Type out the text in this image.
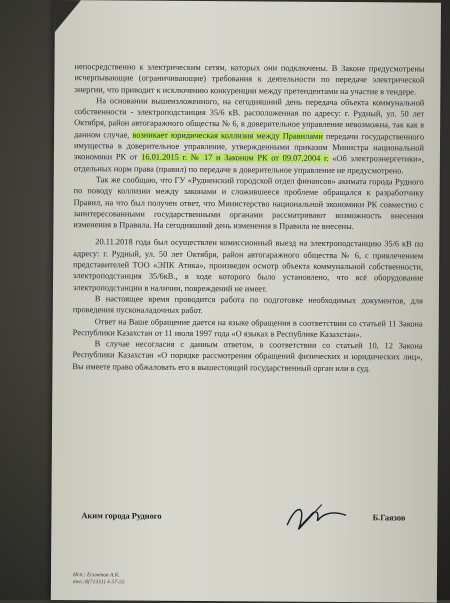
непосредственно к электрическим сетям, которых они подключены. В Законе предусмотрены исчерпывающие (ограничивающие) требования к деятельности по передаче электрической энергии, что приводит к исключению конкуренции между претендентами на участие в тендере.

На основании вышеизложенного, на сегодняшний день передача объекта коммунальной собственности - электроподстанция 35/6 кВ. расположенная по адресу: г. Рудный, ул. 50 лет Октября, район автогаражного общества № 6, в доверительное управление невозможна, так как в данном случае, возникает юридическая коллизия между Правилами передачи государственного имущества в доверительное управление, утвержденными приказом Министра национальной экономики РК от 16.01.2015 г. № 17 и Законом РК от 09.07.2004 г. «Об электроэнергетики», отдельных норм права (правил) по передаче в доверительное управление не предусмотрено.

Так же сообщаю, что ГУ «Рудненский городской отдел финансов» акимата города Рудного по поводу коллизии между законами и сложившееся проблеме обращался к разработчику Правил, на что был получен ответ, что Министерство национальной экономики РК совместно с заинтересованными государственными органами рассматривают возможность внесения изменения в Правила. На сегодняшний день изменения в Правила не внесены.

20.11.2018 года был осуществлен комиссионный выезд на электроподстанцию 35/6 кВ по адресу: г. Рудный, ул. 50 лет Октября, район автогаражного общества № 6, с привлечением представителей ТОО «ЭПК Атика», произведен осмотр объекта коммунальной собственности, электроподстанция 35/6кВ., в ходе которого было установлено, что всё оборудование электроподстанции в наличии, повреждений не имеет.

В настоящее время проводится работа по подготовке необходимых документов, для проведения пусконаладочных работ.

Ответ на Ваше обращение дается на языке обращения в соответствии со статьей 11 Закона Республики Казахстан от 11 июля 1997 года «О языках в Республике Казахстан».

В случае несогласия с данным ответом, в соответствии со статьей 10, 12 Закона Республики Казахстан «О порядке рассмотрения обращений физических и юридических лиц», Вы имеете право обжаловать его в вышестоящий государственный орган или в суд.

Аким города Рудного	Б.Гаязов
Исп.: Есимтов А.К.
тел.:8(71431) 4-57-55
